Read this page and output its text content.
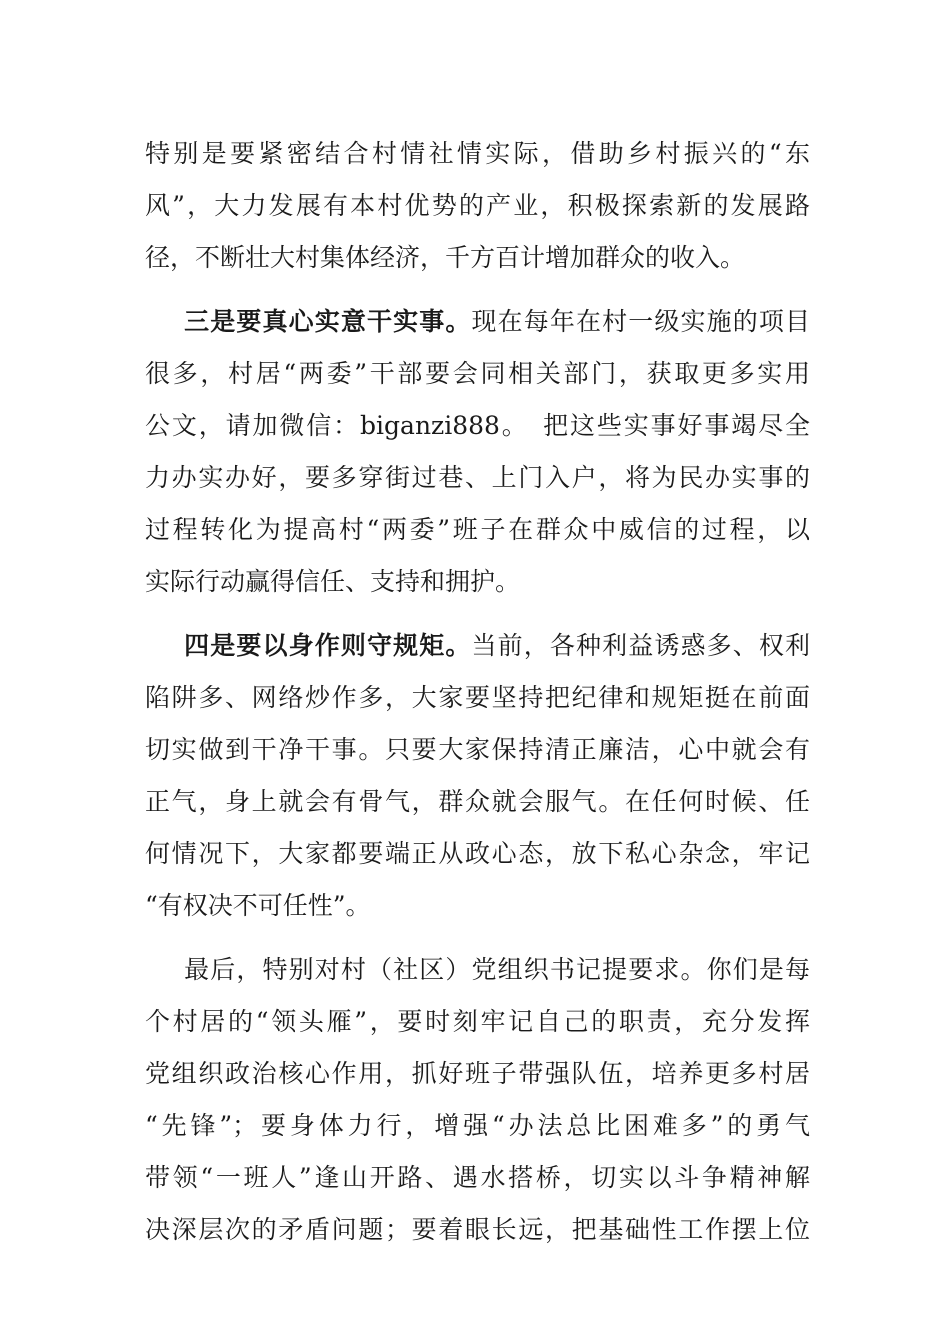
特别是要紧密结合村情社情实际，借助乡村振兴的“东
风”，大力发展有本村优势的产业，积极探索新的发展路
径，不断壮大村集体经济，千方百计增加群众的收入。
三是要真心实意干实事。现在每年在村一级实施的项目
很多，村居“两委”干部要会同相关部门，获取更多实用
公文，请加微信：biganzi888。　把这些实事好事竭尽全
力办实办好，要多穿街过巷、上门入户，将为民办实事的
过程转化为提高村“两委”班子在群众中威信的过程，以
实际行动赢得信任、支持和拥护。
四是要以身作则守规矩。当前，各种利益诱惑多、权利
陷阱多、网络炒作多，大家要坚持把纪律和规矩挺在前面
切实做到干净干事。只要大家保持清正廉洁，心中就会有
正气，身上就会有骨气，群众就会服气。在任何时候、任
何情况下，大家都要端正从政心态，放下私心杂念，牢记
“有权决不可任性”。
最后，特别对村（社区）党组织书记提要求。你们是每
个村居的“领头雁”，要时刻牢记自己的职责，充分发挥
党组织政治核心作用，抓好班子带强队伍，培养更多村居
“先锋”；要身体力行，增强“办法总比困难多”的勇气
带领“一班人”逢山开路、遇水搭桥，切实以斗争精神解
决深层次的矛盾问题；要着眼长远，把基础性工作摆上位
